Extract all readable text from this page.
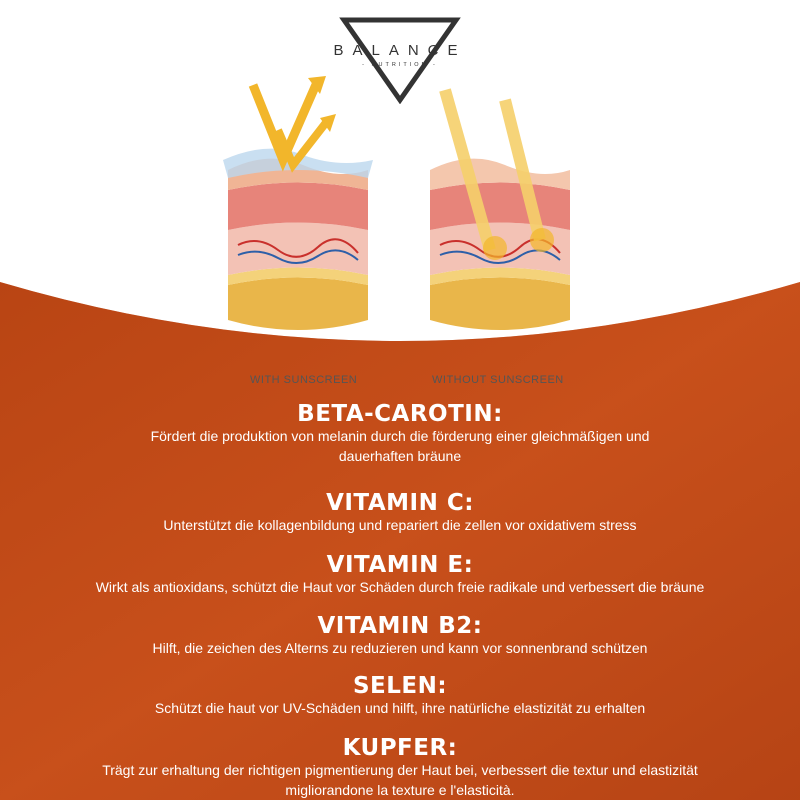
BALANCE
- NUTRITION -
WITH SUNSCREEN	WITHOUT SUNSCREEN
BETA-CAROTIN:

Fördert die produktion von melanin durch die förderung einer gleichmäßigen und

dauerhaften bräune

VITAMIN C:

Unterstützt die kollagenbildung und repariert die zellen vor oxidativem stress

VITAMIN E:

Wirkt als antioxidans, schützt die Haut vor Schäden durch freie radikale und verbessert die bräune

VITAMIN B2:

Hilft, die zeichen des Alterns zu reduzieren und kann vor sonnenbrand schützen

SELEN:

Schützt die haut vor UV-Schäden und hilft, ihre natürliche elastizität zu erhalten

KUPFER:

Trägt zur erhaltung der richtigen pigmentierung der Haut bei, verbessert die textur und elastizität

migliorandone la texture e l'elasticità.
